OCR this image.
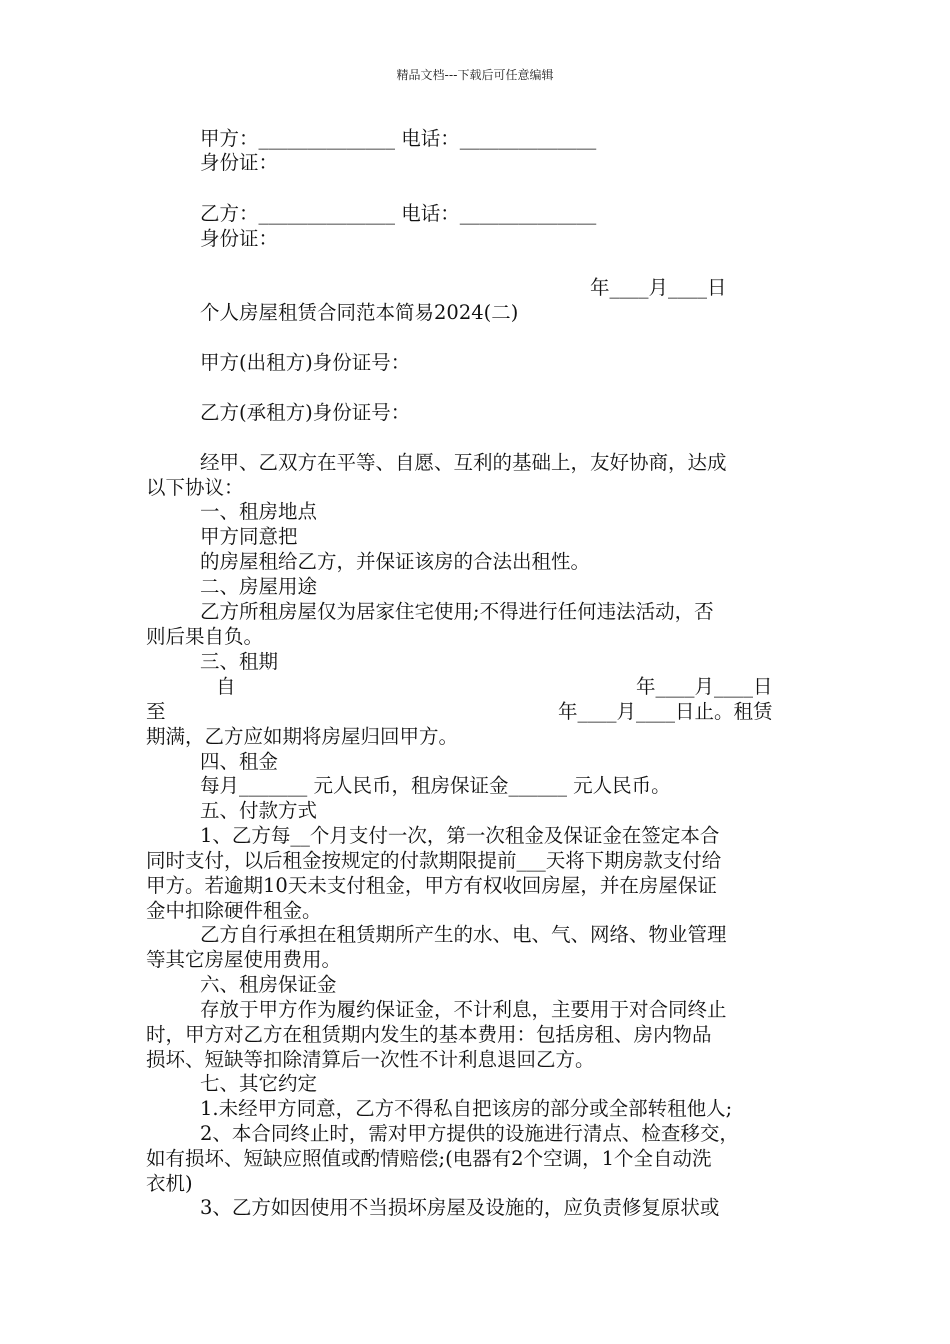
精品文档---下载后可任意编辑

甲方：______________ 电话：______________

身份证：

乙方：______________ 电话：______________

身份证：

年____月____日

个人房屋租赁合同范本简易2024(二)

甲方(出租方)身份证号：

乙方(承租方)身份证号：

经甲、乙双方在平等、自愿、互利的基础上，友好协商，达成

以下协议：

一、租房地点

甲方同意把

的房屋租给乙方，并保证该房的合法出租性。

二、房屋用途

乙方所租房屋仅为居家住宅使用;不得进行任何违法活动，否

则后果自负。

三、租期

自	年____月____日

至	年____月____日止。租赁

期满，乙方应如期将房屋归回甲方。

四、租金

每月_______ 元人民币，租房保证金______ 元人民币。

五、付款方式

1、乙方每__个月支付一次，第一次租金及保证金在签定本合

同时支付，以后租金按规定的付款期限提前___天将下期房款支付给

甲方。若逾期10天未支付租金，甲方有权收回房屋，并在房屋保证

金中扣除硬件租金。

乙方自行承担在租赁期所产生的水、电、气、网络、物业管理

等其它房屋使用费用。

六、租房保证金

存放于甲方作为履约保证金，不计利息，主要用于对合同终止

时，甲方对乙方在租赁期内发生的基本费用：包括房租、房内物品

损坏、短缺等扣除清算后一次性不计利息退回乙方。

七、其它约定

1.未经甲方同意，乙方不得私自把该房的部分或全部转租他人;

2、本合同终止时，需对甲方提供的设施进行清点、检查移交，

如有损坏、短缺应照值或酌情赔偿;(电器有2个空调，1个全自动洗

衣机)

3、乙方如因使用不当损坏房屋及设施的，应负责修复原状或
